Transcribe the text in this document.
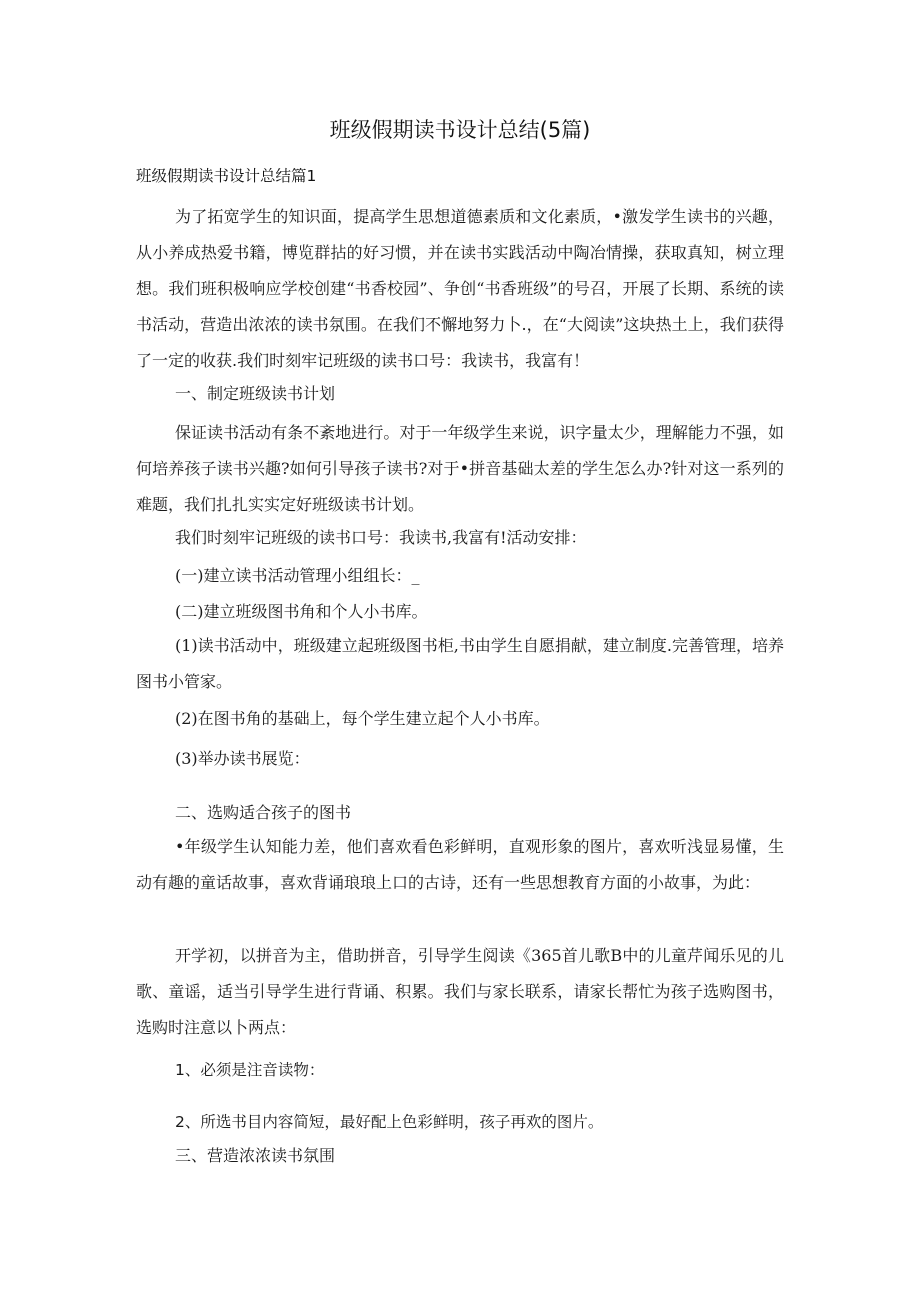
班级假期读书设计总结(5篇)
班级假期读书设计总结篇1

为了拓宽学生的知识面，提高学生思想道德素质和文化素质，•激发学生读书的兴趣，从小养成热爱书籍，博览群拈的好习惯，并在读书实践活动中陶冶情操，获取真知，树立理想。我们班积极响应学校创建“书香校园”、争创“书香班级”的号召，开展了长期、系统的读书活动，营造出浓浓的读书氛围。在我们不懈地努力卜.，在“大阅读”这块热土上，我们获得了一定的收获.我们时刻牢记班级的读书口号：我读书，我富有！

一、制定班级读书计划

保证读书活动有条不紊地进行。对于一年级学生来说，识字量太少，理解能力不强，如何培养孩子读书兴趣?如何引导孩子读书?对于•拼音基础太差的学生怎么办?针对这一系列的难题，我们扎扎实实定好班级读书计划。

我们时刻牢记班级的读书口号：我读书,我富有!活动安排：

(一)建立读书活动管理小组组长：_

(二)建立班级图书角和个人小书库。

(1)读书活动中，班级建立起班级图书柜,书由学生自愿捐献，建立制度.完善管理，培养图书小管家。

(2)在图书角的基础上，每个学生建立起个人小书库。

(3)举办读书展览：

二、选购适合孩子的图书

•年级学生认知能力差，他们喜欢看色彩鲜明，直观形象的图片，喜欢听浅显易懂，生动有趣的童话故事，喜欢背诵琅琅上口的古诗，还有一些思想教育方面的小故事，为此：

开学初，以拼音为主，借助拼音，引导学生阅读《365首儿歌B中的儿童芹闻乐见的儿歌、童谣，适当引导学生进行背诵、积累。我们与家长联系，请家长帮忙为孩子选购图书，选购时注意以卜两点：

1、必须是注音读物：

2、所选书目内容简短，最好配上色彩鲜明，孩子再欢的图片。

三、营造浓浓读书氛围
